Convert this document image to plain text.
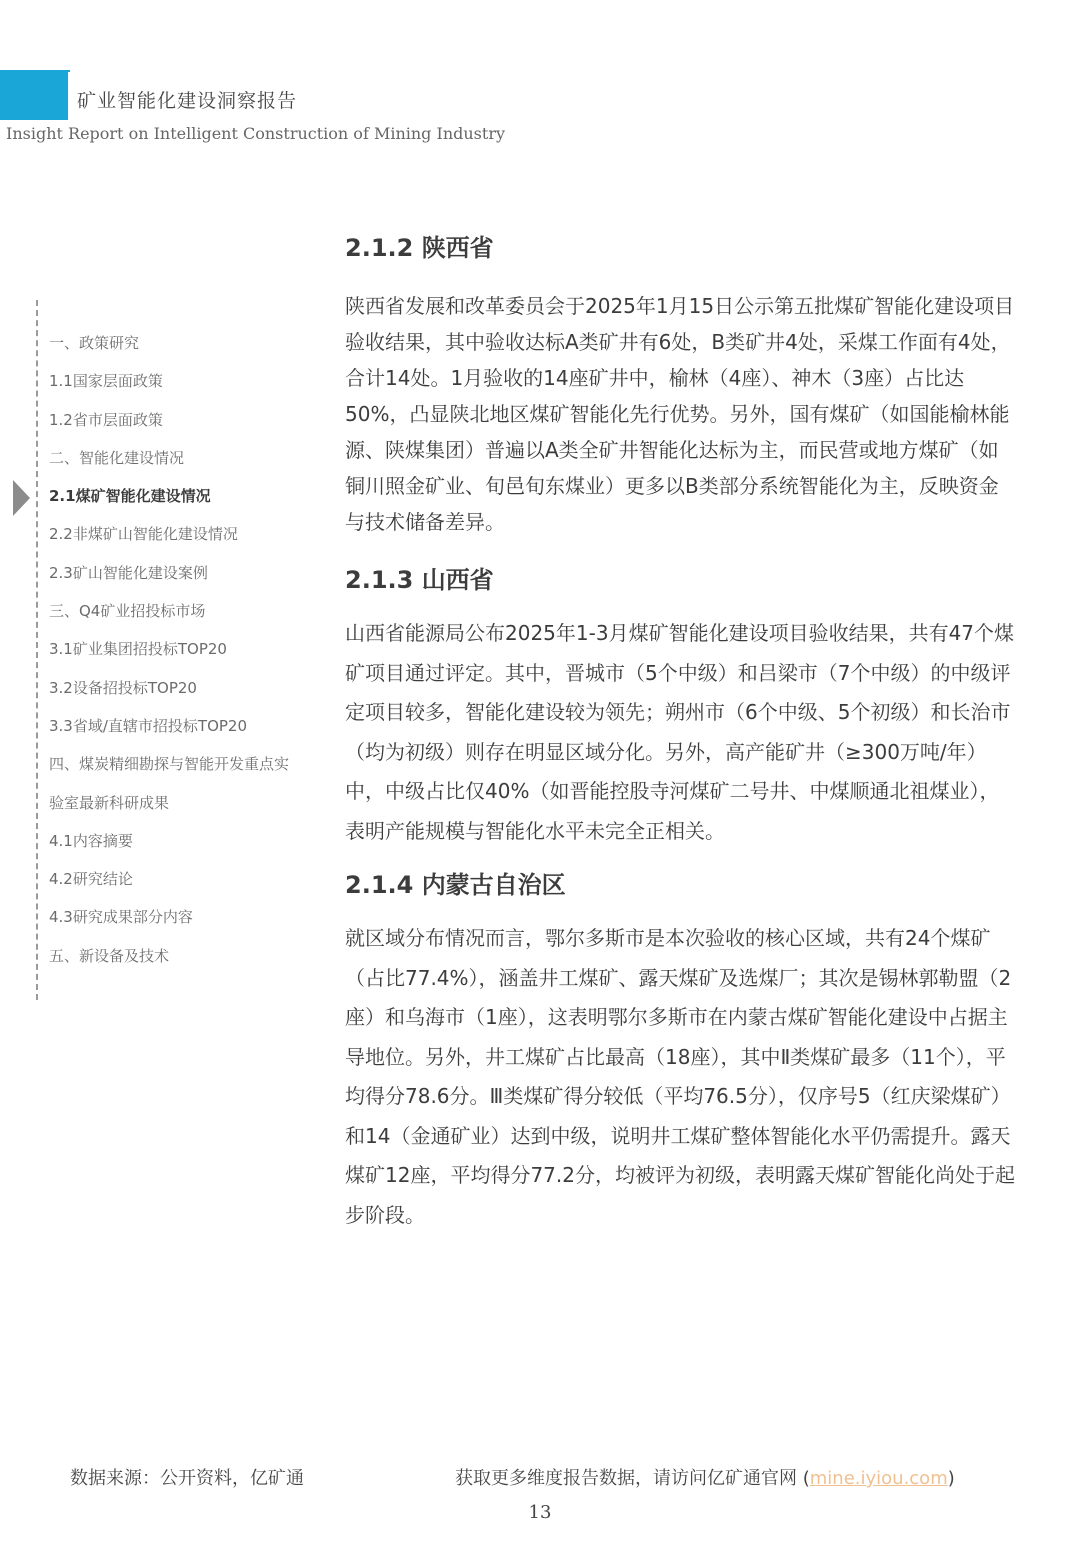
矿业智能化建设洞察报告
Insight Report on Intelligent Construction of Mining Industry
一、政策研究
1.1国家层面政策
1.2省市层面政策
二、智能化建设情况
2.1煤矿智能化建设情况
2.2非煤矿山智能化建设情况
2.3矿山智能化建设案例
三、Q4矿业招投标市场
3.1矿业集团招投标TOP20
3.2设备招投标TOP20
3.3省域/直辖市招投标TOP20
四、煤炭精细勘探与智能开发重点实
验室最新科研成果
4.1内容摘要
4.2研究结论
4.3研究成果部分内容
五、新设备及技术
2.1.2 陕西省

陕西省发展和改革委员会于2025年1月15日公示第五批煤矿智能化建设项目验收结果，其中验收达标A类矿井有6处，B类矿井4处，采煤工作面有4处，合计14处。1月验收的14座矿井中，榆林（4座）、神木（3座）占比达50%，凸显陕北地区煤矿智能化先行优势。另外，国有煤矿（如国能榆林能源、陕煤集团）普遍以A类全矿井智能化达标为主，而民营或地方煤矿（如铜川照金矿业、旬邑旬东煤业）更多以B类部分系统智能化为主，反映资金与技术储备差异。

2.1.3 山西省

山西省能源局公布2025年1-3月煤矿智能化建设项目验收结果，共有47个煤矿项目通过评定。其中，晋城市（5个中级）和吕梁市（7个中级）的中级评定项目较多，智能化建设较为领先；朔州市（6个中级、5个初级）和长治市（均为初级）则存在明显区域分化。另外，高产能矿井（≥300万吨/年）中，中级占比仅40%（如晋能控股寺河煤矿二号井、中煤顺通北祖煤业），表明产能规模与智能化水平未完全正相关。

2.1.4 内蒙古自治区

就区域分布情况而言，鄂尔多斯市是本次验收的核心区域，共有24个煤矿（占比77.4%），涵盖井工煤矿、露天煤矿及选煤厂；其次是锡林郭勒盟（2座）和乌海市（1座），这表明鄂尔多斯市在内蒙古煤矿智能化建设中占据主导地位。另外，井工煤矿占比最高（18座），其中Ⅱ类煤矿最多（11个），平均得分78.6分。Ⅲ类煤矿得分较低（平均76.5分），仅序号5（红庆梁煤矿）和14（金通矿业）达到中级，说明井工煤矿整体智能化水平仍需提升。露天煤矿12座，平均得分77.2分，均被评为初级，表明露天煤矿智能化尚处于起步阶段。

数据来源：公开资料，亿矿通	获取更多维度报告数据，请访问亿矿通官网 (mine.iyiou.com)
13
